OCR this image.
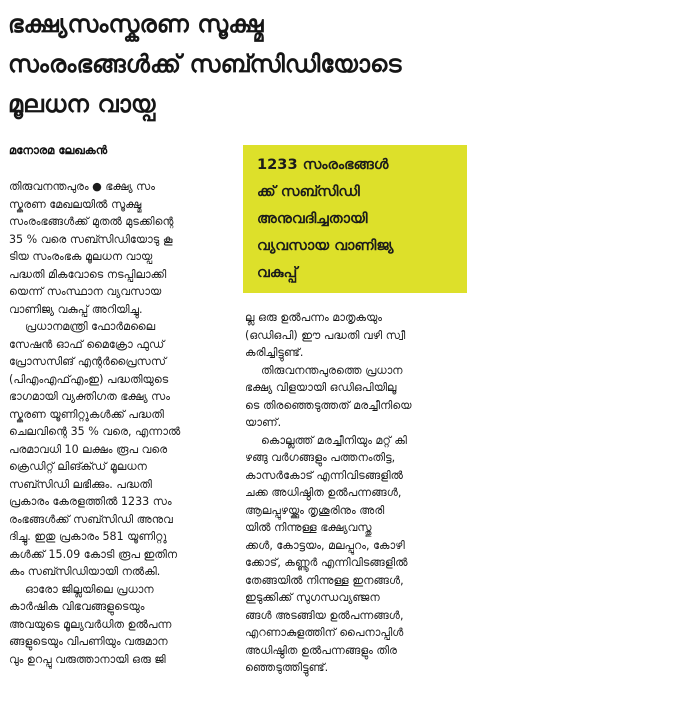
ഭക്ഷ്യസംസ്കരണ സൂക്ഷ്മ
സംരംഭങ്ങൾക്ക് സബ്സിഡിയോടെ
മൂലധന വായ്പ
മനോരമ ലേഖകൻ

1233 സംരംഭങ്ങൾ
ക്ക് സബ്സിഡി
അനുവദിച്ചതായി
വ്യവസായ വാണിജ്യ
വകുപ്പ്

ഓൺലൈൻ മനോരമ

തിരുവനന്തപുരം ● ഭക്ഷ്യ സം
സ്കരണ മേഖലയിൽ സൂക്ഷ്മ
സംരംഭങ്ങൾക്ക് മുതൽ മുടക്കിന്റെ
35 % വരെ സബ്സിഡിയോടു കൂ
ടിയ സംരംഭക മൂലധന വായ്പ
പദ്ധതി മികവോടെ നടപ്പിലാക്കി
യെന്ന് സംസ്ഥാന വ്യവസായ
വാണിജ്യ വകുപ്പ് അറിയിച്ചു.

പ്രധാനമന്ത്രി ഫോർമലൈ
സേഷൻ ഓഫ് മൈക്രോ ഫുഡ്
പ്രോസസിങ് എന്റർപ്രൈസസ്
(പിഎംഎഫ്എംഇ) പദ്ധതിയുടെ
ഭാഗമായി വ്യക്തിഗത ഭക്ഷ്യ സം
സ്കരണ യൂണിറ്റുകൾക്ക് പദ്ധതി
ചെലവിന്റെ 35 % വരെ, എന്നാൽ
പരമാവധി 10 ലക്ഷം രൂപ വരെ
ക്രെഡിറ്റ് ലിങ്ക്ഡ് മൂലധന
സബ്സിഡി ലഭിക്കും. പദ്ധതി
പ്രകാരം കേരളത്തിൽ 1233 സം
രംഭങ്ങൾക്ക് സബ്സിഡി അനുവ
ദിച്ചു. ഇതു പ്രകാരം 581 യൂണിറ്റു
കൾക്ക് 15.09 കോടി രൂപ ഇതിന
കം സബ്സിഡിയായി നൽകി.

ഓരോ ജില്ലയിലെ പ്രധാന
കാർഷിക വിഭവങ്ങളുടെയും
അവയുടെ മൂല്യവർധിത ഉൽപന്ന
ങ്ങളുടെയും വിപണിയും വരുമാന
വും ഉറപ്പു വരുത്താനായി ഒരു ജി

ല്ല ഒരു ഉൽപന്നം മാതൃകയും
(ഒഡിഒപി) ഈ പദ്ധതി വഴി സ്വീ
കരിച്ചിട്ടുണ്ട്.

തിരുവനന്തപുരത്തെ പ്രധാന
ഭക്ഷ്യ വിളയായി ഒഡിഒപിയിലൂ
ടെ തിരഞ്ഞെടുത്തത് മരച്ചീനിയെ
യാണ്.

കൊല്ലത്ത് മരച്ചീനിയും മറ്റ് കി
ഴങ്ങു വർഗങ്ങളും പത്തനംതിട്ട,
കാസർകോട് എന്നിവിടങ്ങളിൽ
ചക്ക അധിഷ്ഠിത ഉൽപന്നങ്ങൾ,
ആലപ്പുഴയ്ക്കും തൃശൂരിനും അരി
യിൽ നിന്നുള്ള ഭക്ഷ്യവസ്തു
ക്കൾ, കോട്ടയം, മലപ്പുറം, കോഴി
ക്കോട്, കണ്ണൂർ എന്നിവിടങ്ങളിൽ
തേങ്ങയിൽ നിന്നുള്ള ഇനങ്ങൾ,
ഇടുക്കിക്ക് സുഗന്ധവ്യഞ്ജന
ങ്ങൾ അടങ്ങിയ ഉൽപന്നങ്ങൾ,
എറണാകുളത്തിന് പൈനാപ്പിൾ
അധിഷ്ഠിത ഉൽപന്നങ്ങളും തിര
ഞ്ഞെടുത്തിട്ടുണ്ട്.
